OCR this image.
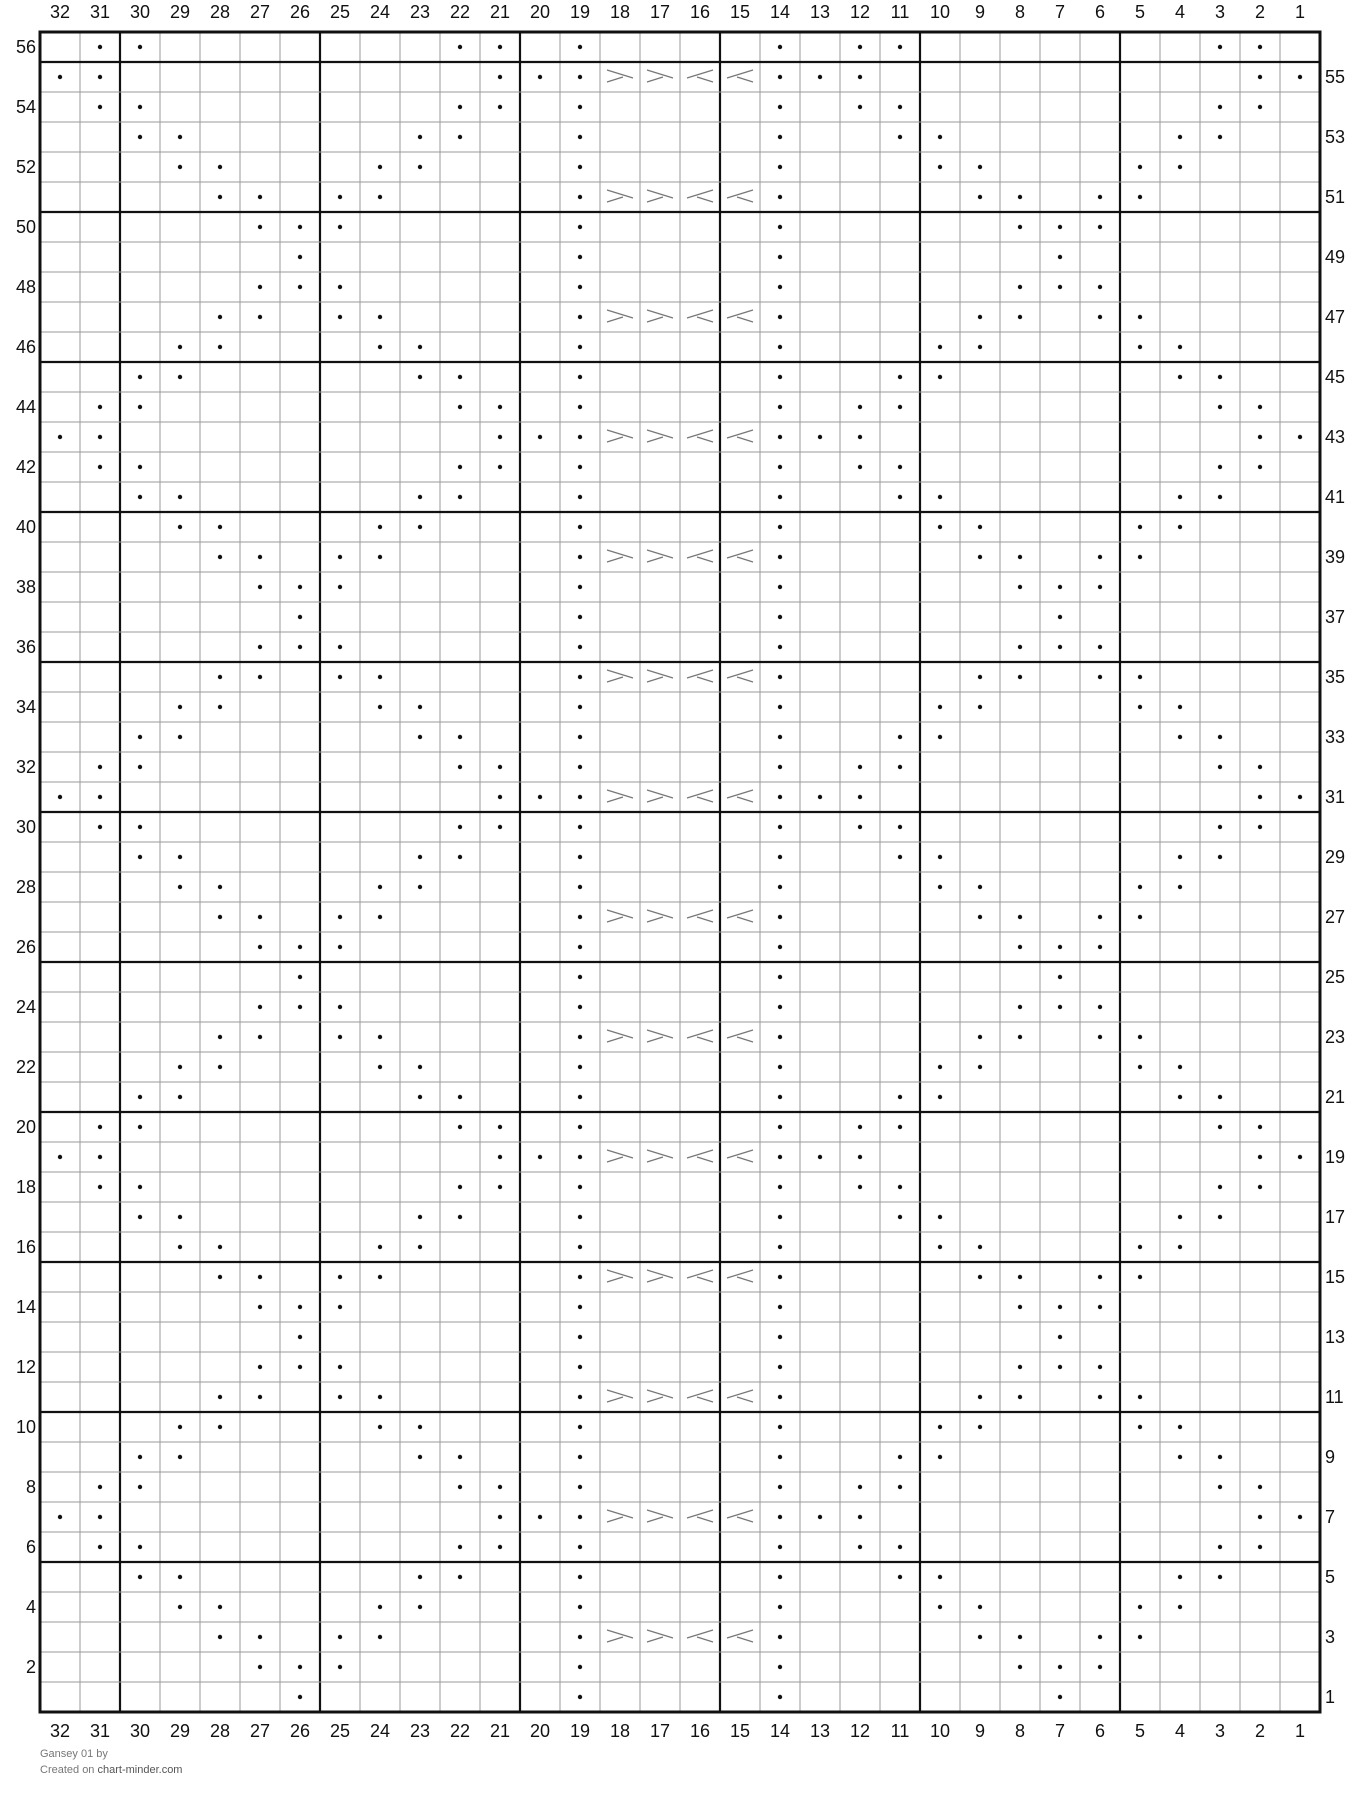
1
1
2
2
3
3
4
4
5
5
6
6
7
7
8
8
9
9
10
10
11
11
12
12
13
13
14
14
15
15
16
16
17
17
18
18
19
19
20
20
21
21
22
22
23
23
24
24
25
25
26
26
27
27
28
28
29
29
30
30
31
31
32
32
1
2
3
4
5
6
7
8
9
10
11
12
13
14
15
16
17
18
19
20
21
22
23
24
25
26
27
28
29
30
31
32
33
34
35
36
37
38
39
40
41
42
43
44
45
46
47
48
49
50
51
52
53
54
55
56
Gansey 01 by
Created on chart-minder.com
